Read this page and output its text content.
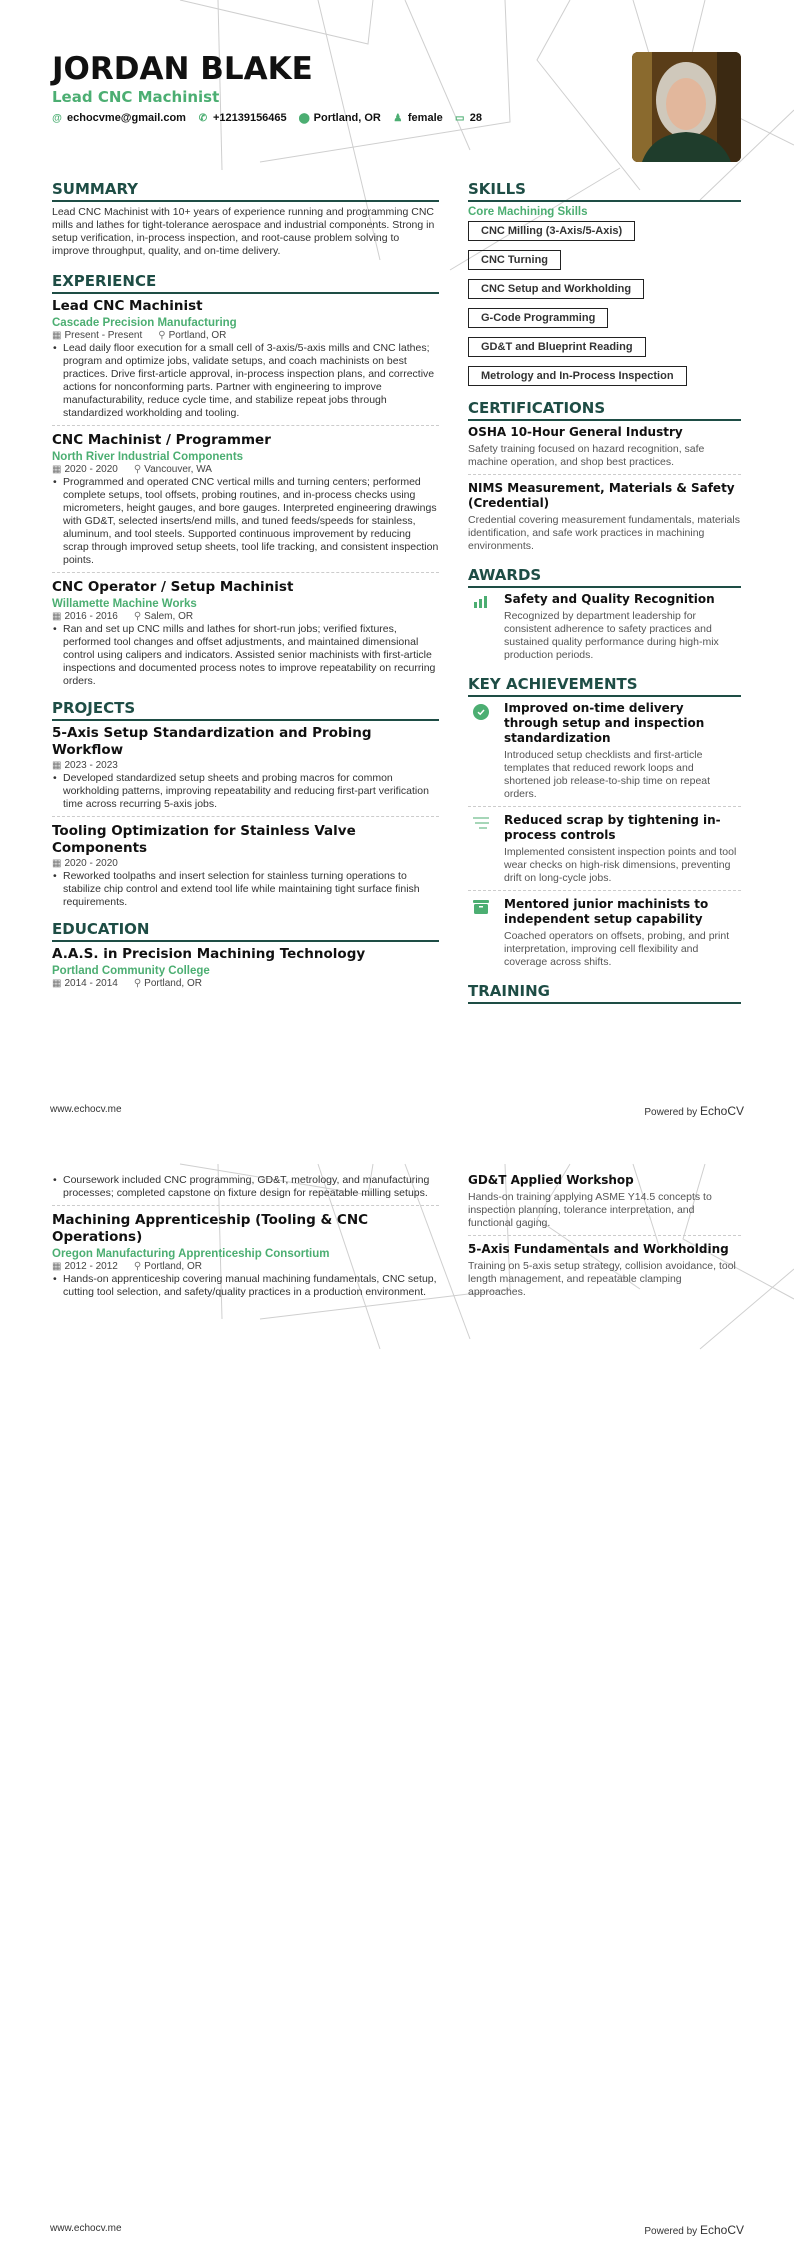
JORDAN BLAKE
Lead CNC Machinist
@ echocvme@gmail.com ✆ +12139156465 ⬤ Portland, OR ♟ female ▭ 28
SUMMARY
Lead CNC Machinist with 10+ years of experience running and programming CNC mills and lathes for tight-tolerance aerospace and industrial components. Strong in setup verification, in-process inspection, and root-cause problem solving to improve throughput, quality, and on-time delivery.
EXPERIENCE
Lead CNC Machinist
Cascade Precision Manufacturing
▦ Present - Present ⚲ Portland, OR
• Lead daily floor execution for a small cell of 3-axis/5-axis mills and CNC lathes; program and optimize jobs, validate setups, and coach machinists on best practices. Drive first-article approval, in-process inspection plans, and corrective actions for nonconforming parts. Partner with engineering to improve manufacturability, reduce cycle time, and stabilize repeat jobs through standardized workholding and tooling.
CNC Machinist / Programmer
North River Industrial Components
▦ 2020 - 2020 ⚲ Vancouver, WA
• Programmed and operated CNC vertical mills and turning centers; performed complete setups, tool offsets, probing routines, and in-process checks using micrometers, height gauges, and bore gauges. Interpreted engineering drawings with GD&T, selected inserts/end mills, and tuned feeds/speeds for stainless, aluminum, and tool steels. Supported continuous improvement by reducing scrap through improved setup sheets, tool life tracking, and consistent inspection points.
CNC Operator / Setup Machinist
Willamette Machine Works
▦ 2016 - 2016 ⚲ Salem, OR
• Ran and set up CNC mills and lathes for short-run jobs; verified fixtures, performed tool changes and offset adjustments, and maintained dimensional control using calipers and indicators. Assisted senior machinists with first-article inspections and documented process notes to improve repeatability on recurring orders.
PROJECTS
5-Axis Setup Standardization and Probing Workflow
▦ 2023 - 2023
• Developed standardized setup sheets and probing macros for common workholding patterns, improving repeatability and reducing first-part verification time across recurring 5-axis jobs.
Tooling Optimization for Stainless Valve Components
▦ 2020 - 2020
• Reworked toolpaths and insert selection for stainless turning operations to stabilize chip control and extend tool life while maintaining tight surface finish requirements.
EDUCATION
A.A.S. in Precision Machining Technology
Portland Community College
▦ 2014 - 2014 ⚲ Portland, OR
SKILLS
Core Machining Skills
CNC Milling (3-Axis/5-Axis)
CNC Turning
CNC Setup and Workholding
G-Code Programming
GD&T and Blueprint Reading
Metrology and In-Process Inspection
CERTIFICATIONS
OSHA 10-Hour General Industry
Safety training focused on hazard recognition, safe machine operation, and shop best practices.
NIMS Measurement, Materials & Safety (Credential)
Credential covering measurement fundamentals, materials identification, and safe work practices in machining environments.
AWARDS
Safety and Quality Recognition
Recognized by department leadership for consistent adherence to safety practices and sustained quality performance during high-mix production periods.
KEY ACHIEVEMENTS
Improved on-time delivery through setup and inspection standardization
Introduced setup checklists and first-article templates that reduced rework loops and shortened job release-to-ship time on repeat orders.
Reduced scrap by tightening in-process controls
Implemented consistent inspection points and tool wear checks on high-risk dimensions, preventing drift on long-cycle jobs.
Mentored junior machinists to independent setup capability
Coached operators on offsets, probing, and print interpretation, improving cell flexibility and coverage across shifts.
TRAINING
www.echocv.me	Powered by EchoCV
• Coursework included CNC programming, GD&T, metrology, and manufacturing processes; completed capstone on fixture design for repeatable milling setups.
Machining Apprenticeship (Tooling & CNC Operations)
Oregon Manufacturing Apprenticeship Consortium
▦ 2012 - 2012 ⚲ Portland, OR
• Hands-on apprenticeship covering manual machining fundamentals, CNC setup, cutting tool selection, and safety/quality practices in a production environment.
GD&T Applied Workshop
Hands-on training applying ASME Y14.5 concepts to inspection planning, tolerance interpretation, and functional gaging.
5-Axis Fundamentals and Workholding
Training on 5-axis setup strategy, collision avoidance, tool length management, and repeatable clamping approaches.
www.echocv.me	Powered by EchoCV
